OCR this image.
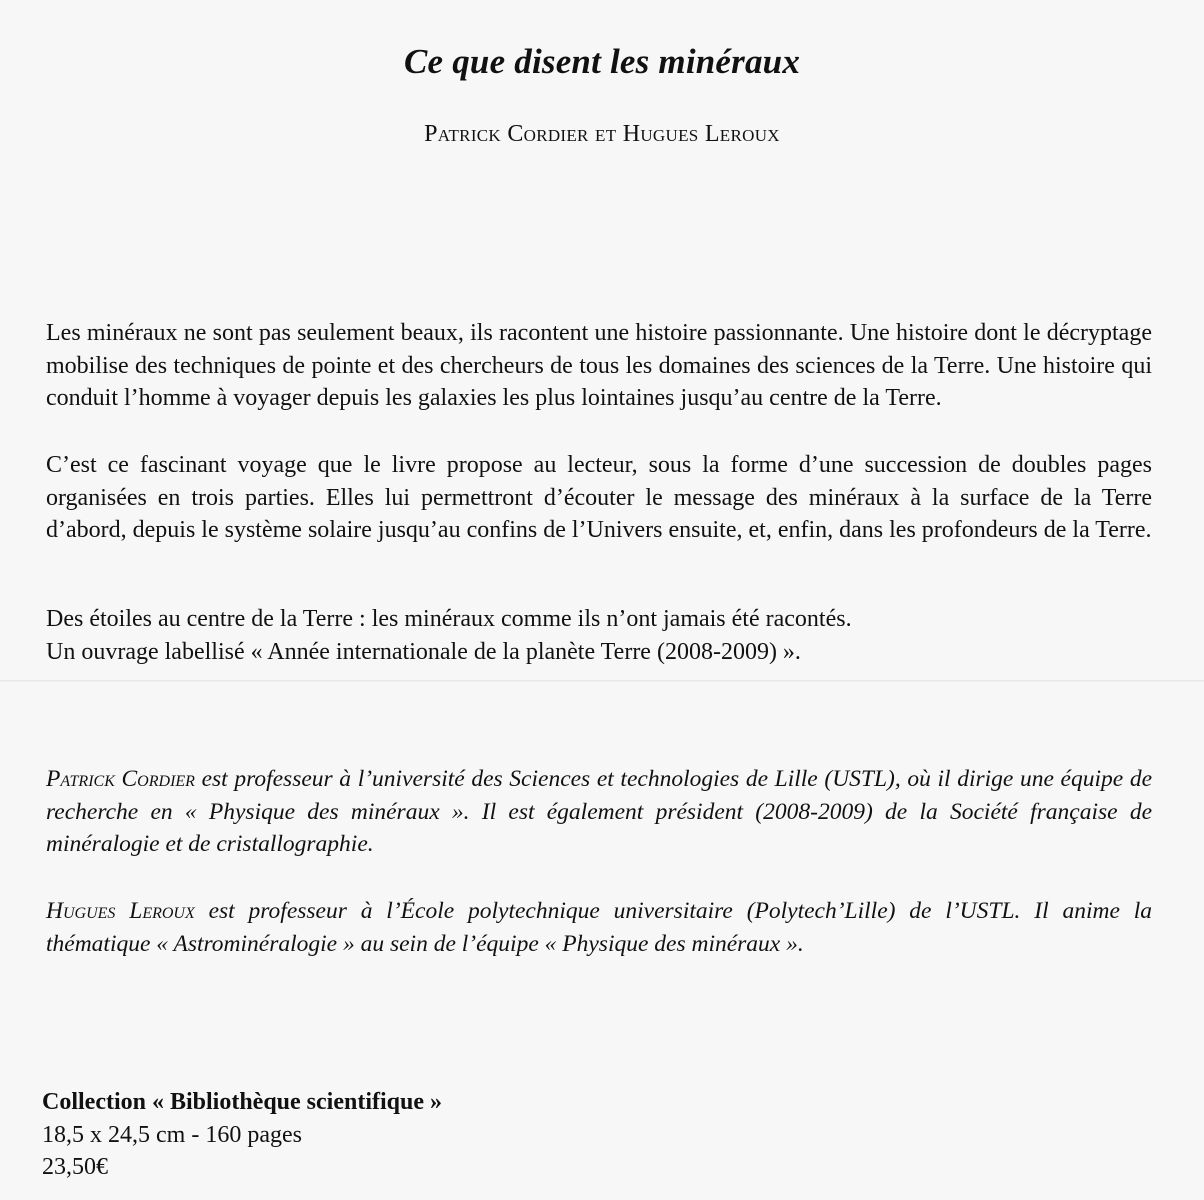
Ce que disent les minéraux
Patrick Cordier et Hugues Leroux

Les minéraux ne sont pas seulement beaux, ils racontent une histoire passionnante. Une histoire dont le décryptage mobilise des techniques de pointe et des chercheurs de tous les domaines des sciences de la Terre. Une histoire qui conduit l’homme à voyager depuis les galaxies les plus lointaines jusqu’au centre de la Terre.

C’est ce fascinant voyage que le livre propose au lecteur, sous la forme d’une succession de doubles pages organisées en trois parties. Elles lui permettront d’écouter le message des minéraux à la surface de la Terre d’abord, depuis le système solaire jusqu’au confins de l’Univers ensuite, et, enfin, dans les profondeurs de la Terre.

Des étoiles au centre de la Terre : les minéraux comme ils n’ont jamais été racontés.
Un ouvrage labellisé « Année internationale de la planète Terre (2008-2009) ».

Patrick Cordier est professeur à l’université des Sciences et technologies de Lille (USTL), où il dirige une équipe de recherche en « Physique des minéraux ». Il est également président (2008-2009) de la Société française de minéralogie et de cristallographie.

Hugues Leroux est professeur à l’École polytechnique universitaire (Polytech’Lille) de l’USTL. Il anime la thématique « Astrominéralogie » au sein de l’équipe « Physique des minéraux ».

Collection « Bibliothèque scientifique »
18,5 x 24,5 cm - 160 pages
23,50€
